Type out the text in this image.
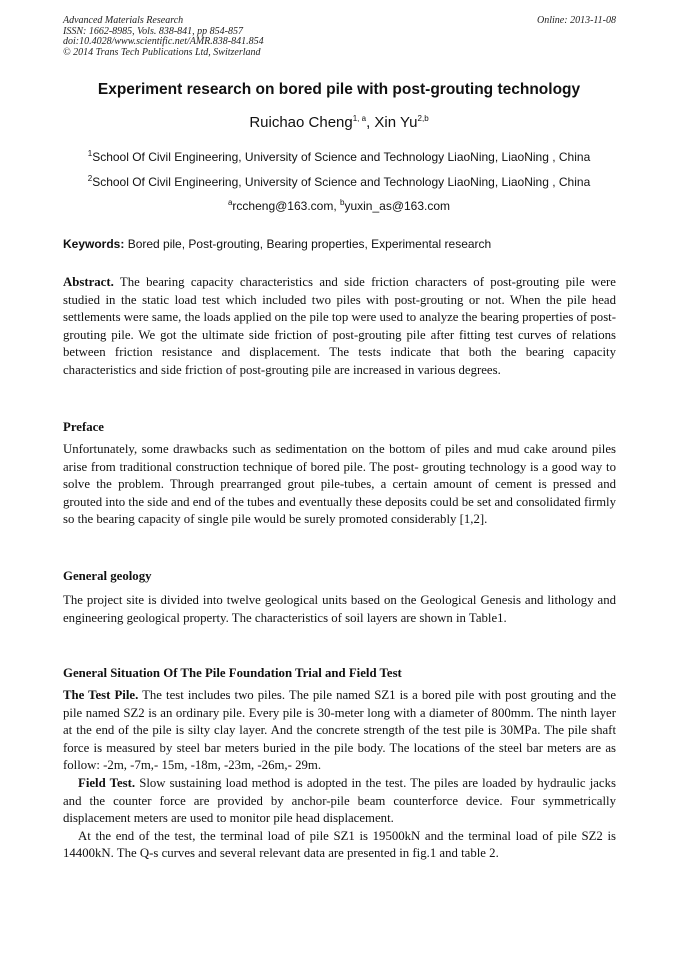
Advanced Materials Research
ISSN: 1662-8985, Vols. 838-841, pp 854-857
doi:10.4028/www.scientific.net/AMR.838-841.854
© 2014 Trans Tech Publications Ltd, Switzerland
Online: 2013-11-08
Experiment research on bored pile with post-grouting technology
Ruichao Cheng$^{1, a}$, Xin Yu$^{2,b}$
$^1$School Of Civil Engineering, University of Science and Technology LiaoNing, LiaoNing , China
$^2$School Of Civil Engineering, University of Science and Technology LiaoNing, LiaoNing , China
$^a$rccheng@163.com, $^b$yuxin_as@163.com
Keywords: Bored pile, Post-grouting, Bearing properties, Experimental research
Abstract. The bearing capacity characteristics and side friction characters of post-grouting pile were studied in the static load test which included two piles with post-grouting or not. When the pile head settlements were same, the loads applied on the pile top were used to analyze the bearing properties of post-grouting pile. We got the ultimate side friction of post-grouting pile after fitting test curves of relations between friction resistance and displacement. The tests indicate that both the bearing capacity characteristics and side friction of post-grouting pile are increased in various degrees.
Preface
Unfortunately, some drawbacks such as sedimentation on the bottom of piles and mud cake around piles arise from traditional construction technique of bored pile. The post- grouting technology is a good way to solve the problem. Through prearranged grout pile-tubes, a certain amount of cement is pressed and grouted into the side and end of the tubes and eventually these deposits could be set and consolidated firmly so the bearing capacity of single pile would be surely promoted considerably [1,2].
General geology
The project site is divided into twelve geological units based on the Geological Genesis and lithology and engineering geological property. The characteristics of soil layers are shown in Table1.
General Situation Of The Pile Foundation Trial and Field Test
The Test Pile. The test includes two piles. The pile named SZ1 is a bored pile with post grouting and the pile named SZ2 is an ordinary pile. Every pile is 30-meter long with a diameter of 800mm. The ninth layer at the end of the pile is silty clay layer. And the concrete strength of the test pile is 30MPa. The pile shaft force is measured by steel bar meters buried in the pile body. The locations of the steel bar meters are as follow: -2m, -7m,- 15m, -18m, -23m, -26m,- 29m.
Field Test. Slow sustaining load method is adopted in the test. The piles are loaded by hydraulic jacks and the counter force are provided by anchor-pile beam counterforce device. Four symmetrically displacement meters are used to monitor pile head displacement.
At the end of the test, the terminal load of pile SZ1 is 19500kN and the terminal load of pile SZ2 is 14400kN. The Q-s curves and several relevant data are presented in fig.1 and table 2.
